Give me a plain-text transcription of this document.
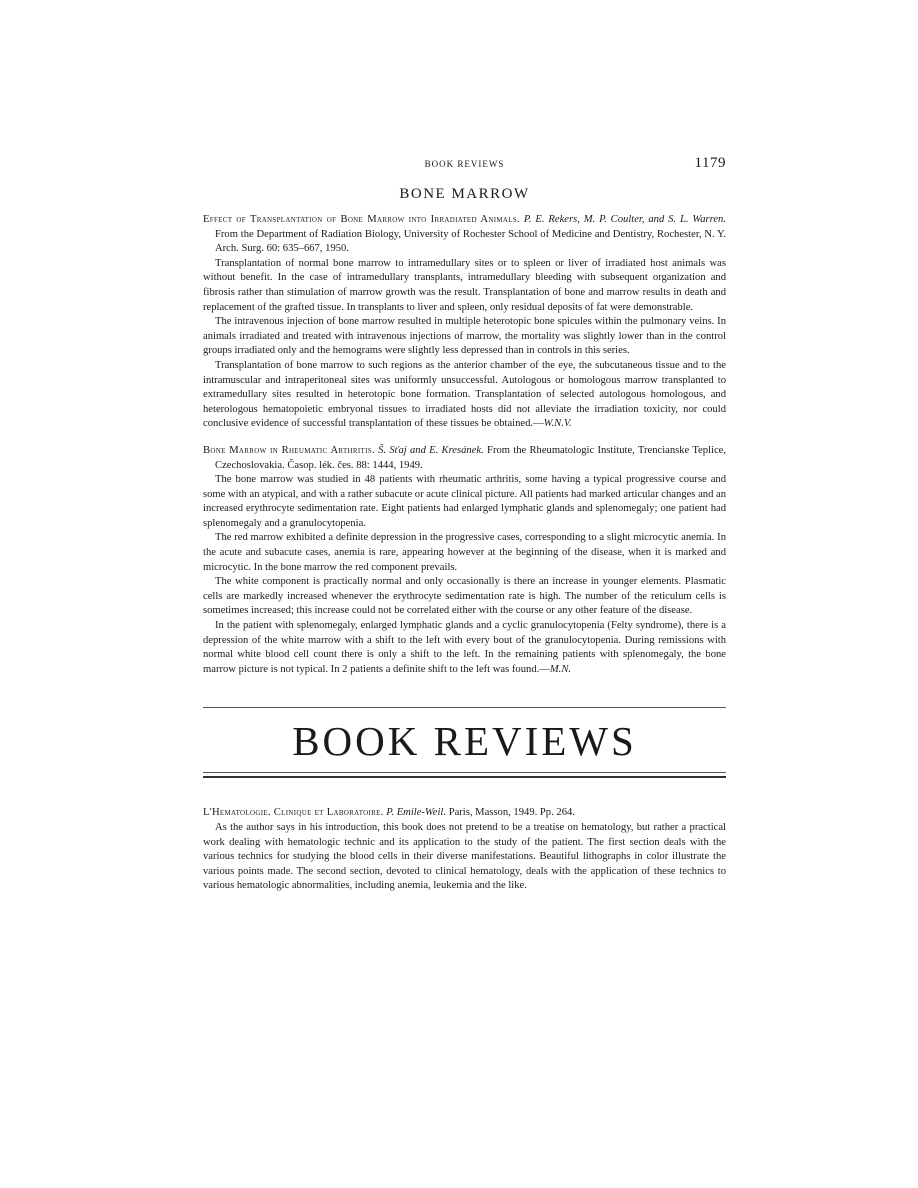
BOOK REVIEWS	1179
BONE MARROW

Effect of Transplantation of Bone Marrow into Irradiated Animals. P. E. Rekers, M. P. Coulter, and S. L. Warren. From the Department of Radiation Biology, University of Rochester School of Medicine and Dentistry, Rochester, N. Y. Arch. Surg. 60: 635–667, 1950.

Transplantation of normal bone marrow to intramedullary sites or to spleen or liver of irradiated host animals was without benefit. In the case of intramedullary transplants, intramedullary bleeding with subsequent organization and fibrosis rather than stimulation of marrow growth was the result. Transplantation of bone and marrow results in death and replacement of the grafted tissue. In transplants to liver and spleen, only residual deposits of fat were demonstrable.

The intravenous injection of bone marrow resulted in multiple heterotopic bone spicules within the pulmonary veins. In animals irradiated and treated with intravenous injections of marrow, the mortality was slightly lower than in the control groups irradiated only and the hemograms were slightly less depressed than in controls in this series.

Transplantation of bone marrow to such regions as the anterior chamber of the eye, the subcutaneous tissue and to the intramuscular and intraperitoneal sites was uniformly unsuccessful. Autologous or homologous marrow transplanted to extramedullary sites resulted in heterotopic bone formation. Transplantation of selected autologous homologous, and heterologous hematopoietic embryonal tissues to irradiated hosts did not alleviate the irradiation toxicity, nor could conclusive evidence of successful transplantation of these tissues be obtained.—W.N.V.

Bone Marrow in Rheumatic Arthritis. Š. Sťaj and E. Kresánek. From the Rheumatologic Institute, Trencianske Teplice, Czechoslovakia. Časop. lék. čes. 88: 1444, 1949.

The bone marrow was studied in 48 patients with rheumatic arthritis, some having a typical progressive course and some with an atypical, and with a rather subacute or acute clinical picture. All patients had marked articular changes and an increased erythrocyte sedimentation rate. Eight patients had enlarged lymphatic glands and splenomegaly; one patient had splenomegaly and a granulocytopenia.

The red marrow exhibited a definite depression in the progressive cases, corresponding to a slight microcytic anemia. In the acute and subacute cases, anemia is rare, appearing however at the beginning of the disease, when it is marked and microcytic. In the bone marrow the red component prevails.

The white component is practically normal and only occasionally is there an increase in younger elements. Plasmatic cells are markedly increased whenever the erythrocyte sedimentation rate is high. The number of the reticulum cells is sometimes increased; this increase could not be correlated either with the course or any other feature of the disease.

In the patient with splenomegaly, enlarged lymphatic glands and a cyclic granulocytopenia (Felty syndrome), there is a depression of the white marrow with a shift to the left with every bout of the granulocytopenia. During remissions with normal white blood cell count there is only a shift to the left. In the remaining patients with splenomegaly, the bone marrow picture is not typical. In 2 patients a definite shift to the left was found.—M.N.

BOOK REVIEWS

L'Hematologie. Clinique et Laboratoire. P. Emile-Weil. Paris, Masson, 1949. Pp. 264.

As the author says in his introduction, this book does not pretend to be a treatise on hematology, but rather a practical work dealing with hematologic technic and its application to the study of the patient. The first section deals with the various technics for studying the blood cells in their diverse manifestations. Beautiful lithographs in color illustrate the various points made. The second section, devoted to clinical hematology, deals with the application of these technics to various hematologic abnormalities, including anemia, leukemia and the like.
